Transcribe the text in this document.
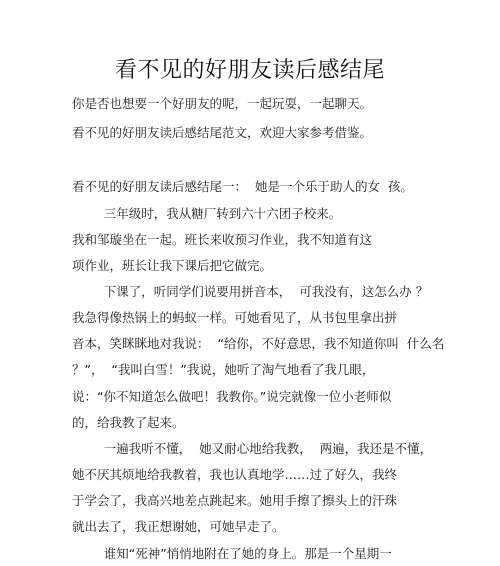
看不见的好朋友读后感结尾

你是否也想要一个好朋友的呢，一起玩耍，一起聊天。

看不见的好朋友读后感结尾范文，欢迎大家参考借鉴。

看不见的好朋友读后感结尾一：  她是一个乐于助人的女  孩。

三年级时，我从糖厂转到六十六团子校来。

我和邹璇坐在一起。班长来收预习作业，我不知道有这

项作业，班长让我下课后把它做完。

下课了，听同学们说要用拼音本，  可我没有，这怎么办 ？

我急得像热锅上的蚂蚁一样。可她看见了，从书包里拿出拼

音本，笑眯眯地对我说：  “给你，不好意思，我不知道你叫  什么名

？”，  “我叫白雪！”我说，她听了淘气地看了我几眼，

说：“你不知道怎么做吧！我教你。”说完就像一位小老师似

的，给我教了起来。

一遍我听不懂，  她又耐心地给我教，  两遍，我还是不懂，

她不厌其烦地给我教着，我也认真地学……过了好久，我终

于学会了，我高兴地差点跳起来。她用手擦了擦头上的汗珠

就出去了，我正想谢她，可她早走了。

谁知“死神”悄悄地附在了她的身上。那是一个星期一
